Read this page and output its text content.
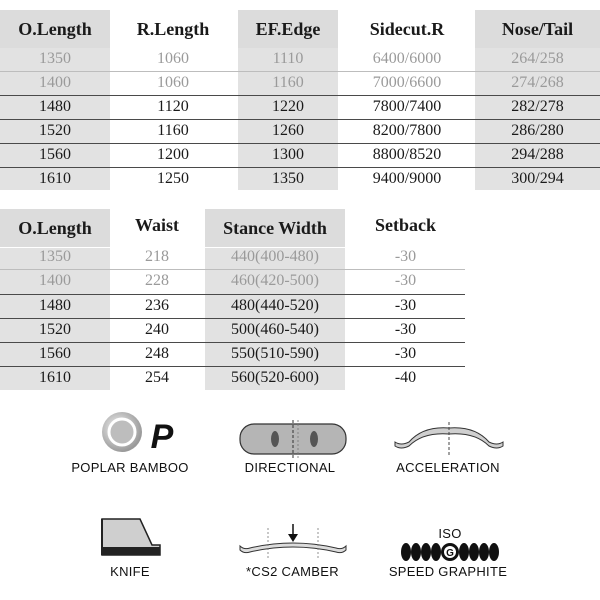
O.Length	R.Length	EF.Edge	Sidecut.R	Nose/Tail
1350	1060	1110	6400/6000	264/258
1400	1060	1160	7000/6600	274/268
1480	1120	1220	7800/7400	282/278
1520	1160	1260	8200/7800	286/280
1560	1200	1300	8800/8520	294/288
1610	1250	1350	9400/9000	300/294
O.Length	Waist	Stance Width	Setback
1350	218	440(400-480)	-30
1400	228	460(420-500)	-30
1480	236	480(440-520)	-30
1520	240	500(460-540)	-30
1560	248	550(510-590)	-30
1610	254	560(520-600)	-40
P
POPLAR BAMBOO	DIRECTIONAL	ACCELERATION
KNIFE	*CS2 CAMBER
ISO
G
SPEED GRAPHITE
